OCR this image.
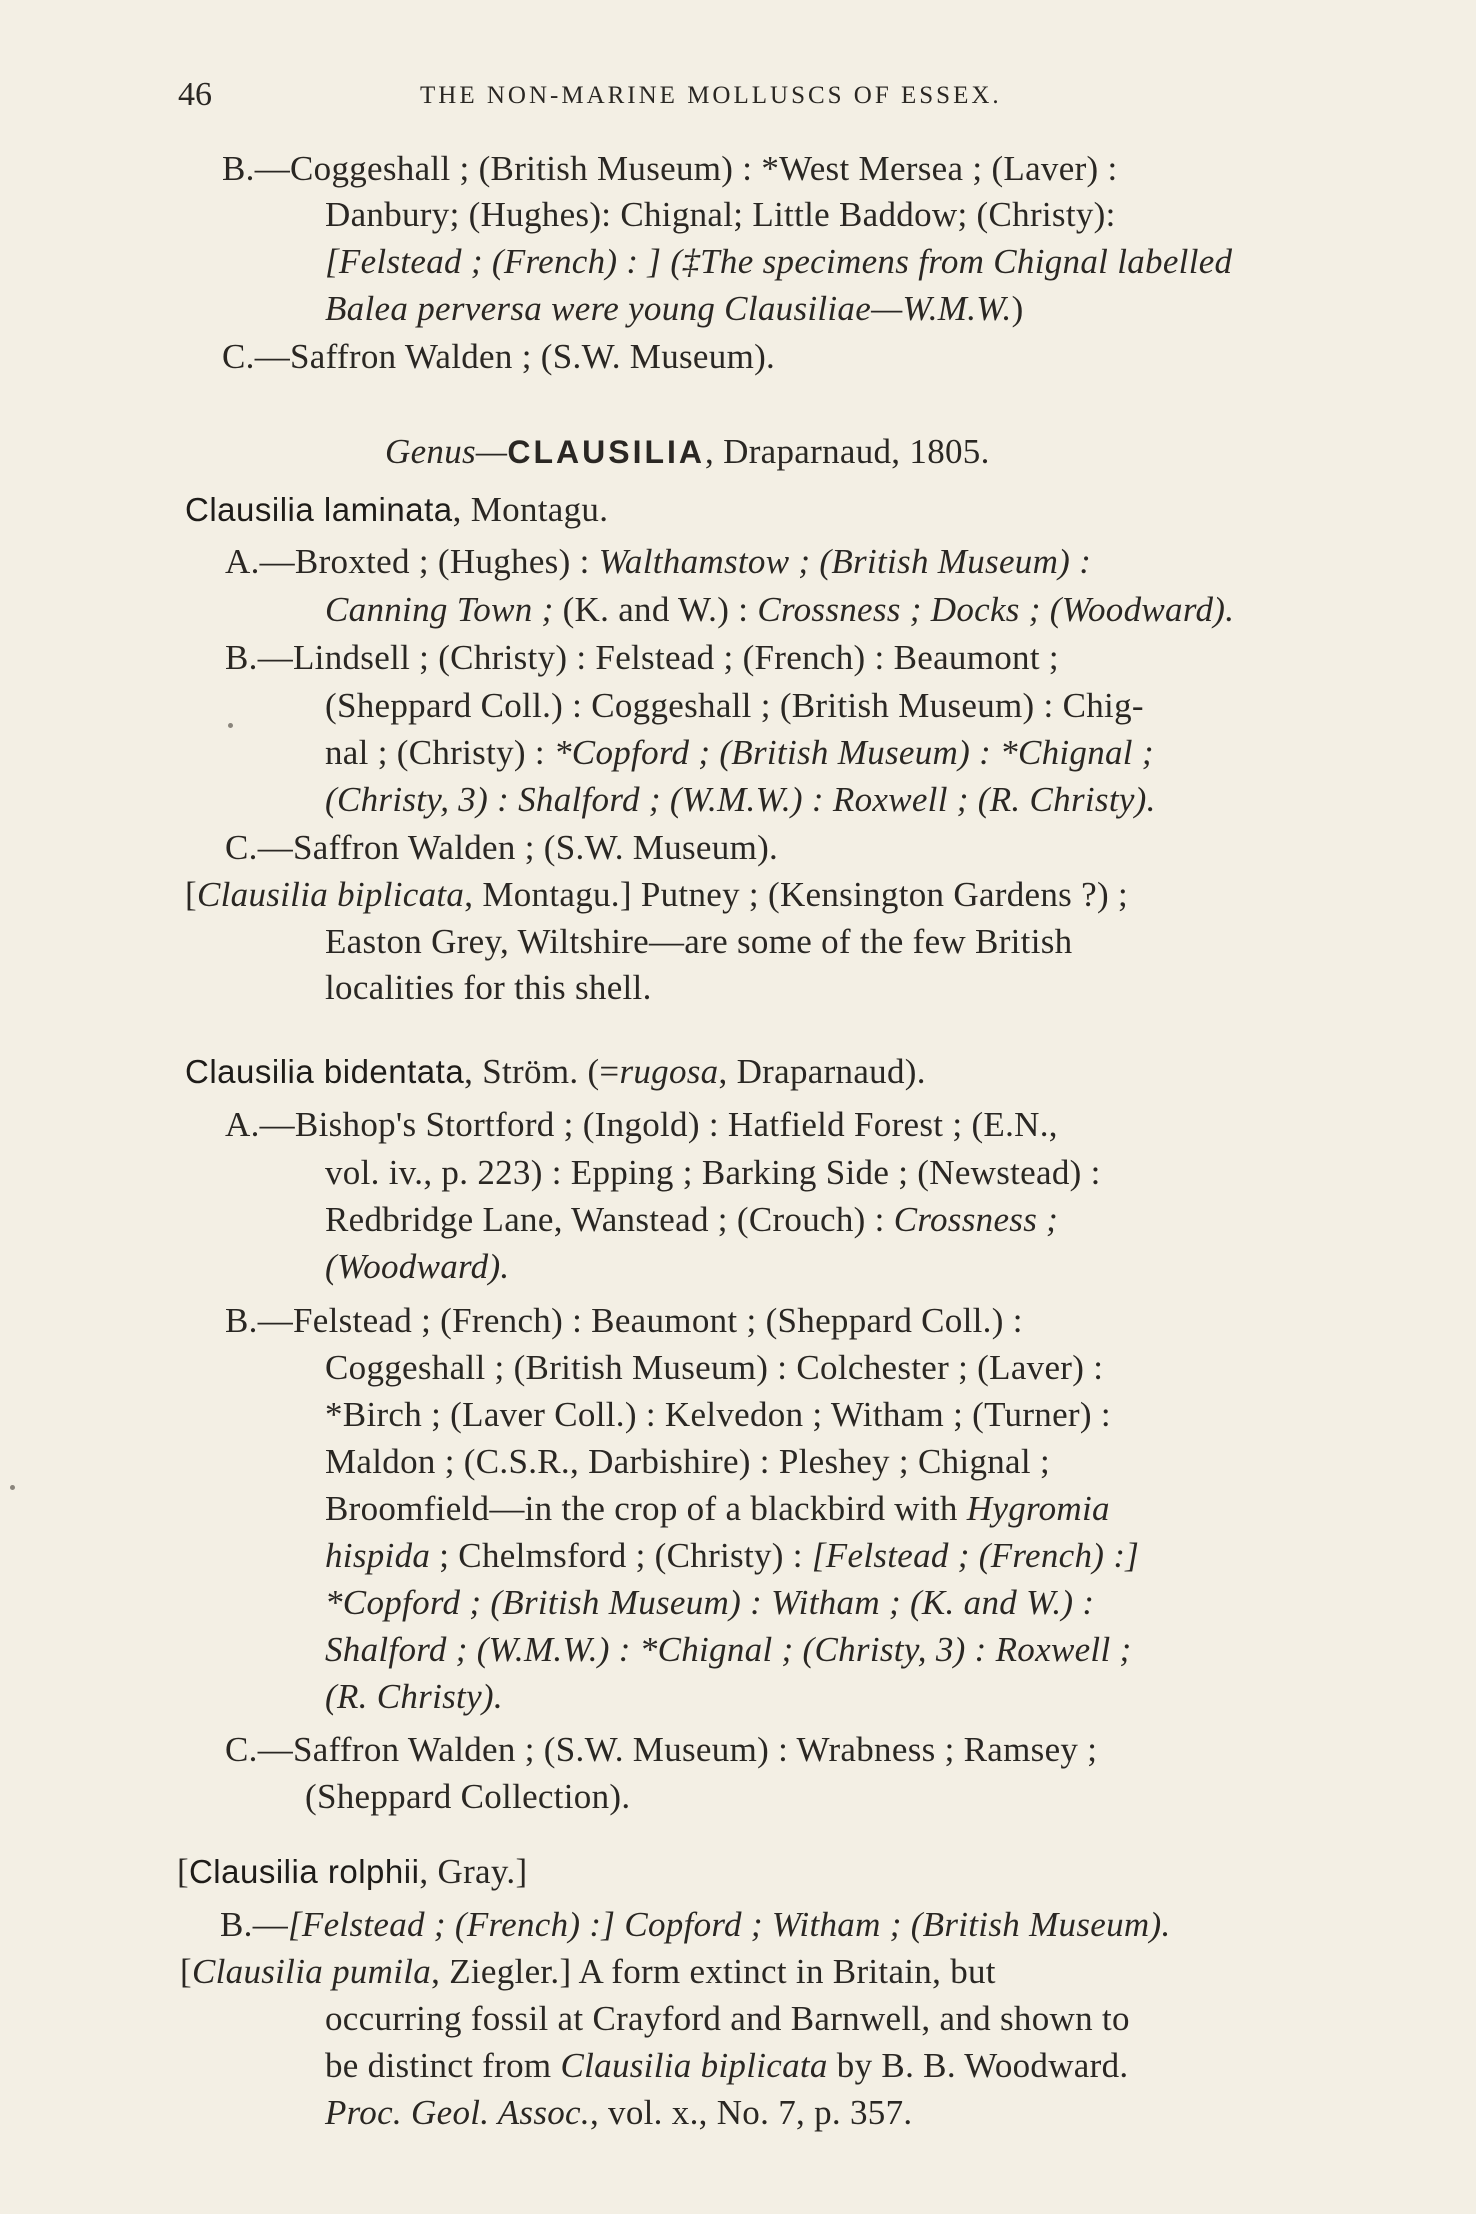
46	THE NON-MARINE MOLLUSCS OF ESSEX.
B.—Coggeshall ; (British Museum) : *West Mersea ; (Laver) :
Danbury; (Hughes): Chignal; Little Baddow; (Christy):
[Felstead ; (French) : ] (‡The specimens from Chignal labelled
Balea perversa were young Clausiliae—W.M.W.)
C.—Saffron Walden ; (S.W. Museum).
Genus—CLAUSILIA, Draparnaud, 1805.
Clausilia laminata, Montagu.
A.—Broxted ; (Hughes) : Walthamstow ; (British Museum) :
Canning Town ; (K. and W.) : Crossness ; Docks ; (Woodward).
B.—Lindsell ; (Christy) : Felstead ; (French) : Beaumont ;
(Sheppard Coll.) : Coggeshall ; (British Museum) : Chig-
nal ; (Christy) : *Copford ; (British Museum) : *Chignal ;
(Christy, 3) : Shalford ; (W.M.W.) : Roxwell ; (R. Christy).
C.—Saffron Walden ; (S.W. Museum).
[Clausilia biplicata, Montagu.] Putney ; (Kensington Gardens ?) ;
Easton Grey, Wiltshire—are some of the few British
localities for this shell.
Clausilia bidentata, Ström. (=rugosa, Draparnaud).
A.—Bishop's Stortford ; (Ingold) : Hatfield Forest ; (E.N.,
vol. iv., p. 223) : Epping ; Barking Side ; (Newstead) :
Redbridge Lane, Wanstead ; (Crouch) : Crossness ;
(Woodward).
B.—Felstead ; (French) : Beaumont ; (Sheppard Coll.) :
Coggeshall ; (British Museum) : Colchester ; (Laver) :
*Birch ; (Laver Coll.) : Kelvedon ; Witham ; (Turner) :
Maldon ; (C.S.R., Darbishire) : Pleshey ; Chignal ;
Broomfield—in the crop of a blackbird with Hygromia
hispida ; Chelmsford ; (Christy) : [Felstead ; (French) :]
*Copford ; (British Museum) : Witham ; (K. and W.) :
Shalford ; (W.M.W.) : *Chignal ; (Christy, 3) : Roxwell ;
(R. Christy).
C.—Saffron Walden ; (S.W. Museum) : Wrabness ; Ramsey ;
(Sheppard Collection).
[Clausilia rolphii, Gray.]
B.—[Felstead ; (French) :] Copford ; Witham ; (British Museum).
[Clausilia pumila, Ziegler.] A form extinct in Britain, but
occurring fossil at Crayford and Barnwell, and shown to
be distinct from Clausilia biplicata by B. B. Woodward.
Proc. Geol. Assoc., vol. x., No. 7, p. 357.
